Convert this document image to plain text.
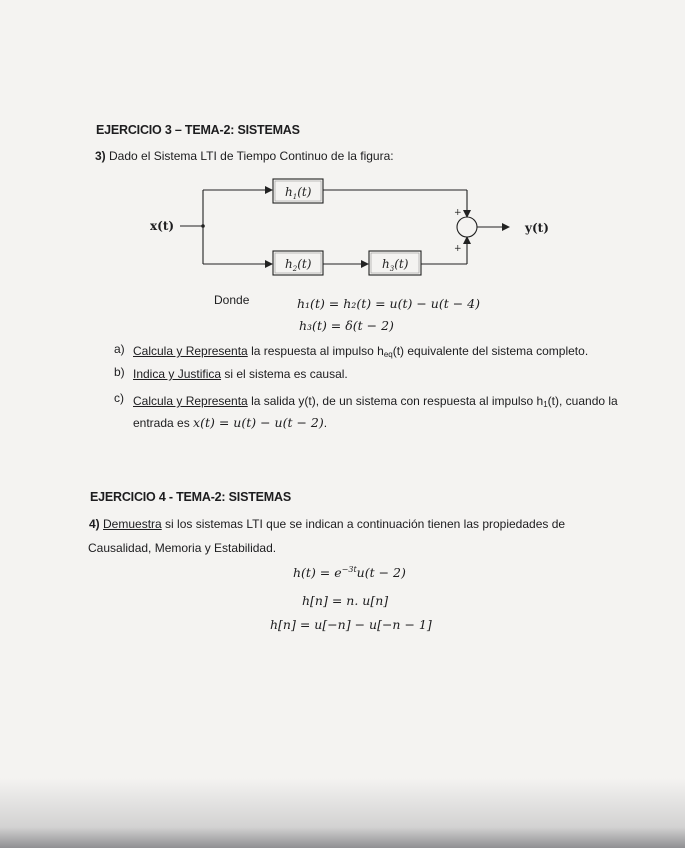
EJERCICIO 3 – TEMA-2: SISTEMAS
3) Dado el Sistema LTI de Tiempo Continuo de la figura:
x(t)
$h_1(t)$
$h_2(t)$	$h_3(t)$
+
+
y(t)
Donde	h₁(t) = h₂(t) = u(t) − u(t − 4)
h₃(t) = δ(t − 2)
a) Calcula y Representa la respuesta al impulso $h_{eq}(t)$ equivalente del sistema completo.
b) Indica y Justifica si el sistema es causal.
c) Calcula y Representa la salida y(t), de un sistema con respuesta al impulso $h_1(t)$, cuando la
entrada es x(t) = u(t) − u(t − 2).
EJERCICIO 4 - TEMA-2: SISTEMAS
4) Demuestra si los sistemas LTI que se indican a continuación tienen las propiedades de
Causalidad, Memoria y Estabilidad.
$h(t) = e^{-3t}u(t - 2)$
h[n] = n. u[n]
h[n] = u[−n] − u[−n − 1]
